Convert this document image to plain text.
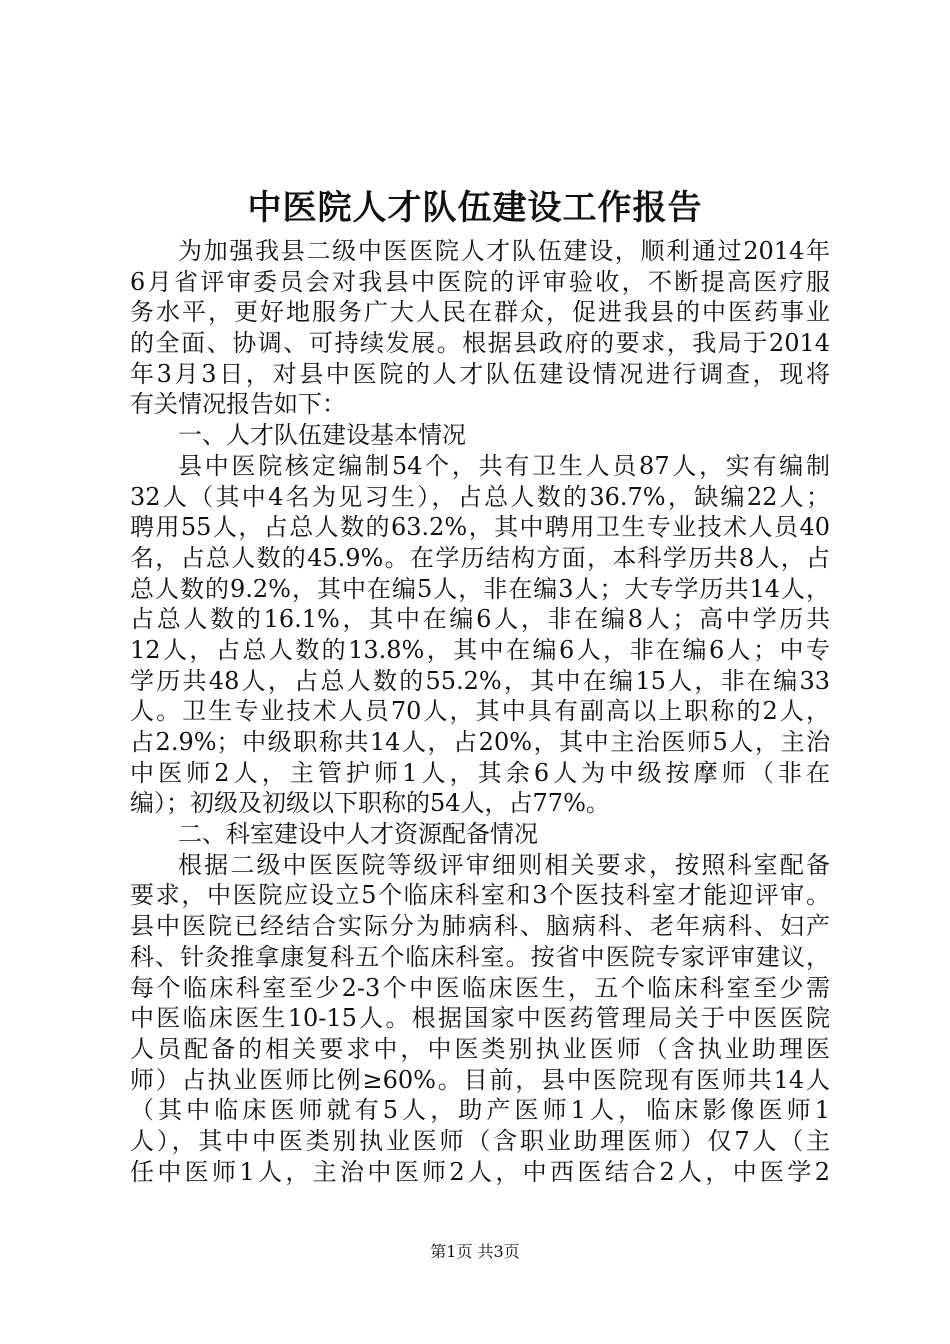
中医院人才队伍建设工作报告
为加强我县二级中医医院人才队伍建设，顺利通过2014年
6月省评审委员会对我县中医院的评审验收，不断提高医疗服
务水平，更好地服务广大人民在群众，促进我县的中医药事业
的全面、协调、可持续发展。根据县政府的要求，我局于2014
年3月3日，对县中医院的人才队伍建设情况进行调查，现将
有关情况报告如下：
一、人才队伍建设基本情况
县中医院核定编制54个，共有卫生人员87人，实有编制
32人（其中4名为见习生），占总人数的36.7%，缺编22人；
聘用55人，占总人数的63.2%，其中聘用卫生专业技术人员40
名，占总人数的45.9%。在学历结构方面，本科学历共8人，占
总人数的9.2%，其中在编5人，非在编3人；大专学历共14人，
占总人数的16.1%，其中在编6人，非在编8人；高中学历共
12人，占总人数的13.8%，其中在编6人，非在编6人；中专
学历共48人，占总人数的55.2%，其中在编15人，非在编33
人。卫生专业技术人员70人，其中具有副高以上职称的2人，
占2.9%；中级职称共14人，占20%，其中主治医师5人，主治
中医师2人，主管护师1人，其余6人为中级按摩师（非在
编）；初级及初级以下职称的54人，占77%。
二、科室建设中人才资源配备情况
根据二级中医医院等级评审细则相关要求，按照科室配备
要求，中医院应设立5个临床科室和3个医技科室才能迎评审。
县中医院已经结合实际分为肺病科、脑病科、老年病科、妇产
科、针灸推拿康复科五个临床科室。按省中医院专家评审建议，
每个临床科室至少2-3个中医临床医生，五个临床科室至少需
中医临床医生10-15人。根据国家中医药管理局关于中医医院
人员配备的相关要求中，中医类别执业医师（含执业助理医
师）占执业医师比例≥60%。目前，县中医院现有医师共14人
（其中临床医师就有5人，助产医师1人，临床影像医师1
人），其中中医类别执业医师（含职业助理医师）仅7人（主
任中医师1人，主治中医师2人，中西医结合2人，中医学2
第1页 共3页
